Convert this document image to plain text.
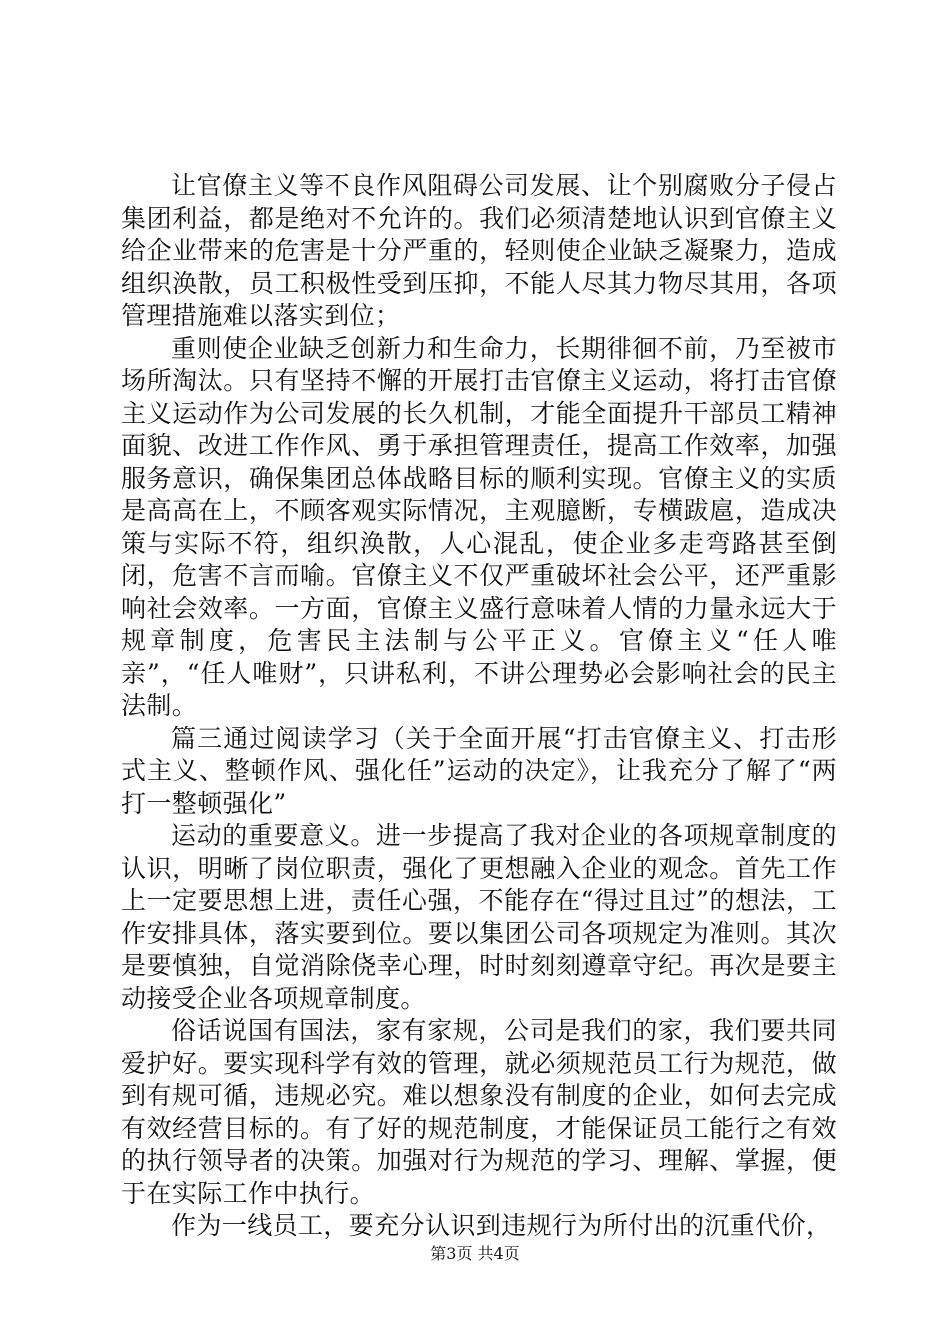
让官僚主义等不良作风阻碍公司发展、让个别腐败分子侵占集团利益，都是绝对不允许的。我们必须清楚地认识到官僚主义给企业带来的危害是十分严重的，轻则使企业缺乏凝聚力，造成组织涣散，员工积极性受到压抑，不能人尽其力物尽其用，各项管理措施难以落实到位；

重则使企业缺乏创新力和生命力，长期徘徊不前，乃至被市场所淘汰。只有坚持不懈的开展打击官僚主义运动，将打击官僚主义运动作为公司发展的长久机制，才能全面提升干部员工精神面貌、改进工作作风、勇于承担管理责任，提高工作效率，加强服务意识，确保集团总体战略目标的顺利实现。官僚主义的实质是高高在上，不顾客观实际情况，主观臆断，专横跋扈，造成决策与实际不符，组织涣散，人心混乱，使企业多走弯路甚至倒闭，危害不言而喻。官僚主义不仅严重破坏社会公平，还严重影响社会效率。一方面，官僚主义盛行意味着人情的力量永远大于规章制度，危害民主法制与公平正义。官僚主义“任人唯亲”，“任人唯财”，只讲私利，不讲公理势必会影响社会的民主法制。

篇三通过阅读学习（关于全面开展“打击官僚主义、打击形式主义、整顿作风、强化任”运动的决定》，让我充分了解了“两打一整顿强化”

运动的重要意义。进一步提高了我对企业的各项规章制度的认识，明晰了岗位职责，强化了更想融入企业的观念。首先工作上一定要思想上进，责任心强，不能存在“得过且过”的想法，工作安排具体，落实要到位。要以集团公司各项规定为准则。其次是要慎独，自觉消除侥幸心理，时时刻刻遵章守纪。再次是要主动接受企业各项规章制度。

俗话说国有国法，家有家规，公司是我们的家，我们要共同爱护好。要实现科学有效的管理，就必须规范员工行为规范，做到有规可循，违规必究。难以想象没有制度的企业，如何去完成有效经营目标的。有了好的规范制度，才能保证员工能行之有效的执行领导者的决策。加强对行为规范的学习、理解、掌握，便于在实际工作中执行。

作为一线员工，要充分认识到违规行为所付出的沉重代价，

第3页 共4页
